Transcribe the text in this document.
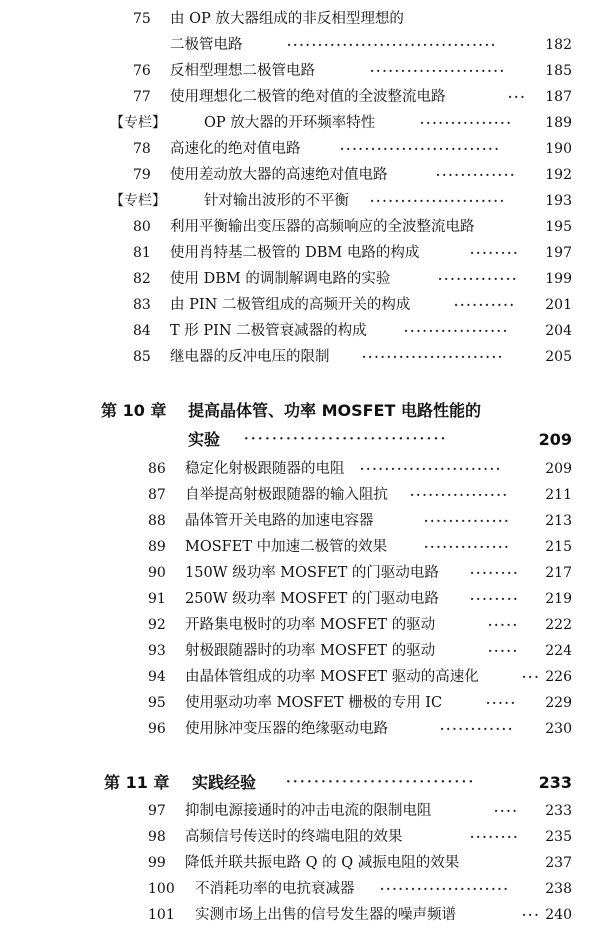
75 由 OP 放大器组成的非反相型理想的
二极管电路	··································	182
76 反相型理想二极管电路	······················	185
77 使用理想化二极管的绝对值的全波整流电路	···	187
【专栏】	OP 放大器的开环频率特性	···············	189
78 高速化的绝对值电路	··························	190
79 使用差动放大器的高速绝对值电路	·············	192
【专栏】	针对输出波形的不平衡 ······················	193
80 利用平衡输出变压器的高频响应的全波整流电路	195
81 使用肖特基二极管的 DBM 电路的构成	········	197
82 使用 DBM 的调制解调电路的实验	·············	199
83 由 PIN 二极管组成的高频开关的构成	··········	201
84 T 形 PIN 二极管衰减器的构成	·················	204
85 继电器的反冲电压的限制	·······················	205
第 10 章 提高晶体管、功率 MOSFET 电路性能的
实验 ·····························	209
86 稳定化射极跟随器的电阻 ·······················	209
87 自举提高射极跟随器的输入阻抗 ················	211
88 晶体管开关电路的加速电容器	··············	213
89 MOSFET 中加速二极管的效果	··············	215
90 150W 级功率 MOSFET 的门驱动电路	········	217
91 250W 级功率 MOSFET 的门驱动电路	········	219
92 开路集电极时的功率 MOSFET 的驱动	·····	222
93 射极跟随器时的功率 MOSFET 的驱动	·····	224
94 由晶体管组成的功率 MOSFET 驱动的高速化	··· 226
95 使用驱动功率 MOSFET 栅极的专用 IC	·····	229
96 使用脉冲变压器的绝缘驱动电路	············	230
第 11 章 实践经验 ···························	233
97 抑制电源接通时的冲击电流的限制电阻	····	233
98 高频信号传送时的终端电阻的效果	········	235
99 降低并联共振电路 Q 的 Q 减振电阻的效果	237
100 不消耗功率的电抗衰减器 ·····················	238
101 实测市场上出售的信号发生器的噪声频谱	··· 240
